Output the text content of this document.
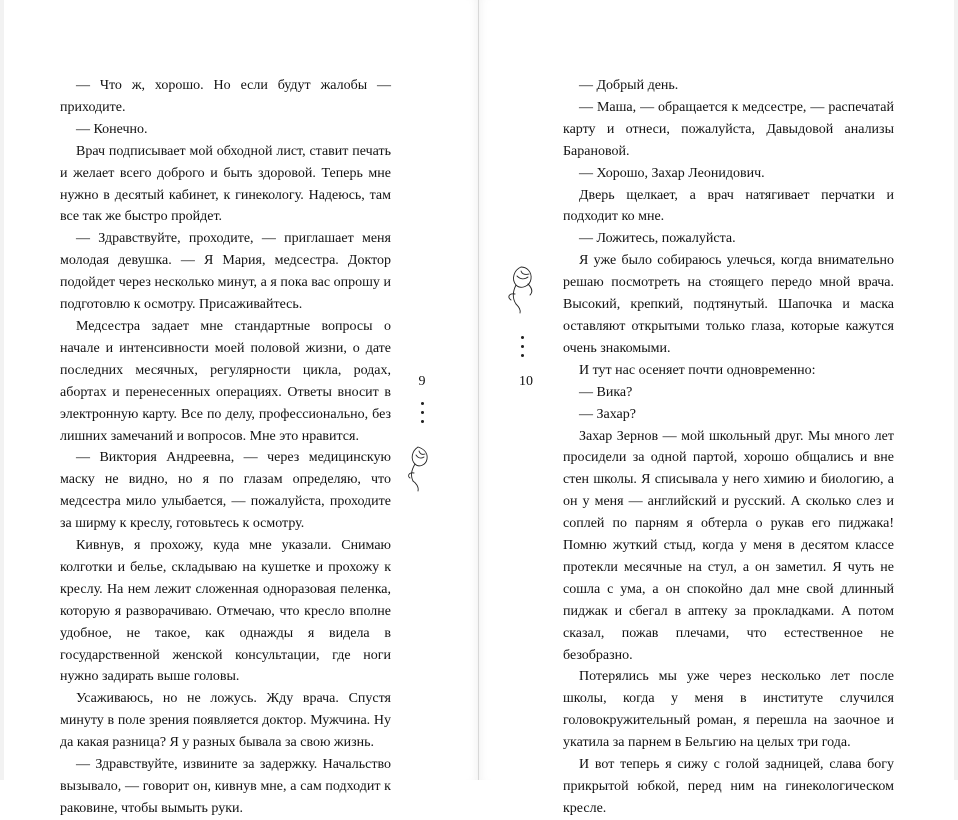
— Что ж, хорошо. Но если будут жалобы — приходите.

— Конечно.

Врач подписывает мой обходной лист, ставит печать и желает всего доброго и быть здоровой. Теперь мне нужно в десятый кабинет, к гинекологу. Надеюсь, там все так же быстро пройдет.

— Здравствуйте, проходите, — приглашает меня молодая девушка. — Я Мария, медсестра. Доктор подойдет через несколько минут, а я пока вас опрошу и подготовлю к осмотру. Присаживайтесь.

Медсестра задает мне стандартные вопросы о начале и интенсивности моей половой жизни, о дате последних месячных, регулярности цикла, родах, абортах и перенесенных операциях. Ответы вносит в электронную карту. Все по делу, профессионально, без лишних замечаний и вопросов. Мне это нравится.

— Виктория Андреевна, — через медицинскую маску не видно, но я по глазам определяю, что медсестра мило улыбается, — пожалуйста, проходите за ширму к креслу, готовьтесь к осмотру.

Кивнув, я прохожу, куда мне указали. Снимаю колготки и белье, складываю на кушетке и прохожу к креслу. На нем лежит сложенная одноразовая пеленка, которую я разворачиваю. Отмечаю, что кресло вполне удобное, не такое, как однажды я видела в государственной женской консультации, где ноги нужно задирать выше головы.

Усаживаюсь, но не ложусь. Жду врача. Спустя минуту в поле зрения появляется доктор. Мужчина. Ну да какая разница? Я у разных бывала за свою жизнь.

— Здравствуйте, извините за задержку. Начальство вызывало, — говорит он, кивнув мне, а сам подходит к раковине, чтобы вымыть руки.

9

— Добрый день.

— Маша, — обращается к медсестре, — распечатай карту и отнеси, пожалуйста, Давыдовой анализы Барановой.

— Хорошо, Захар Леонидович.

Дверь щелкает, а врач натягивает перчатки и подходит ко мне.

— Ложитесь, пожалуйста.

Я уже было собираюсь улечься, когда внимательно решаю посмотреть на стоящего передо мной врача. Высокий, крепкий, подтянутый. Шапочка и маска оставляют открытыми только глаза, которые кажутся очень знакомыми.

И тут нас осеняет почти одновременно:

— Вика?

— Захар?

Захар Зернов — мой школьный друг. Мы много лет просидели за одной партой, хорошо общались и вне стен школы. Я списывала у него химию и биологию, а он у меня — английский и русский. А сколько слез и соплей по парням я обтерла о рукав его пиджака! Помню жуткий стыд, когда у меня в десятом классе протекли месячные на стул, а он заметил. Я чуть не сошла с ума, а он спокойно дал мне свой длинный пиджак и сбегал в аптеку за прокладками. А потом сказал, пожав плечами, что естественное не безобразно.

Потерялись мы уже через несколько лет после школы, когда у меня в институте случился головокружительный роман, я перешла на заочное и укатила за парнем в Бельгию на целых три года.

И вот теперь я сижу с голой задницей, слава богу прикрытой юбкой, перед ним на гинекологическом кресле.

10
